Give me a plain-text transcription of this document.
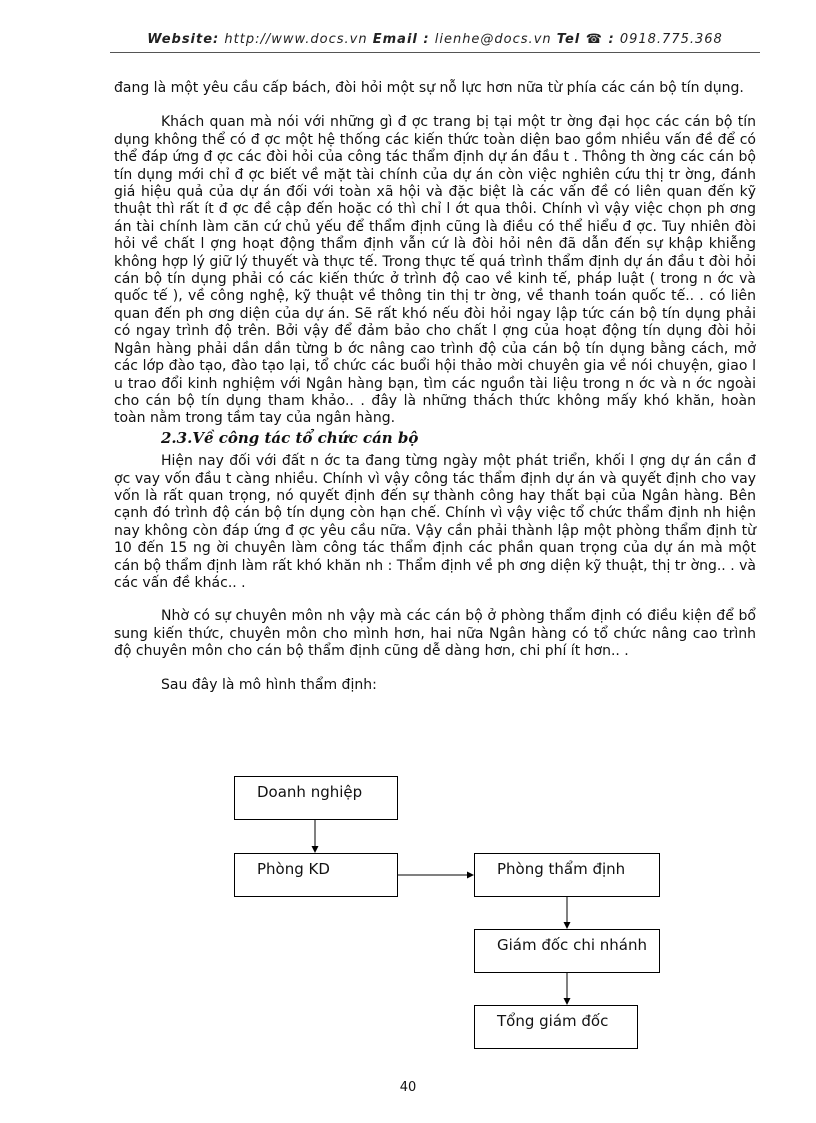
Website: http://www.docs.vn Email : lienhe@docs.vn Tel ☎ : 0918.775.368

đang là một yêu cầu cấp bách, đòi hỏi một sự nỗ lực hơn nữa từ phía các cán bộ tín dụng.

Khách quan mà nói với những gì đ ợc trang bị tại một tr ờng đại học các cán bộ tín dụng không thể có đ ợc một hệ thống các kiến thức toàn diện bao gồm nhiều vấn đề để có thể đáp ứng đ ợc các đòi hỏi của công tác thẩm định dự án đầu t . Thông th ờng các cán bộ tín dụng mới chỉ đ ợc biết về mặt tài chính của dự án còn việc nghiên cứu thị tr ờng, đánh giá hiệu quả của dự án đối với toàn xã hội và đặc biệt là các vấn đề có liên quan đến kỹ thuật thì rất ít đ ợc đề cập đến hoặc có thì chỉ l ớt qua thôi. Chính vì vậy việc chọn ph ơng án tài chính làm căn cứ chủ yếu để thẩm định cũng là điều có thể hiểu đ ợc. Tuy nhiên đòi hỏi về chất l ợng hoạt động thẩm định vẫn cứ là đòi hỏi nên đã dẫn đến sự khập khiễng không hợp lý giữ lý thuyết và thực tế. Trong thực tế quá trình thẩm định dự án đầu t đòi hỏi cán bộ tín dụng phải có các kiến thức ở trình độ cao về kinh tế, pháp luật ( trong n ớc và quốc tế ), về công nghệ, kỹ thuật về thông tin thị tr ờng, về thanh toán quốc tế.. . có liên quan đến ph ơng diện của dự án. Sẽ rất khó nếu đòi hỏi ngay lập tức cán bộ tín dụng phải có ngay trình độ trên. Bởi vậy để đảm bảo cho chất l ợng của hoạt động tín dụng đòi hỏi Ngân hàng phải dần dần từng b ớc nâng cao trình độ của cán bộ tín dụng bằng cách, mở các lớp đào tạo, đào tạo lại, tổ chức các buổi hội thảo mời chuyên gia về nói chuyện, giao l u trao đổi kinh nghiệm với Ngân hàng bạn, tìm các nguồn tài liệu trong n ớc và n ớc ngoài cho cán bộ tín dụng tham khảo.. . đây là những thách thức không mấy khó khăn, hoàn toàn nằm trong tầm tay của ngân hàng.

2.3.Về công tác tổ chức cán bộ

Hiện nay đối với đất n ớc ta đang từng ngày một phát triển, khối l ợng dự án cần đ ợc vay vốn đầu t càng nhiều. Chính vì vậy công tác thẩm định dự án và quyết định cho vay vốn là rất quan trọng, nó quyết định đến sự thành công hay thất bại của Ngân hàng. Bên cạnh đó trình độ cán bộ tín dụng còn hạn chế. Chính vì vậy việc tổ chức thẩm định nh hiện nay không còn đáp ứng đ ợc yêu cầu nữa. Vậy cần phải thành lập một phòng thẩm định từ 10 đến 15 ng ời chuyên làm công tác thẩm định các phần quan trọng của dự án mà một cán bộ thẩm định làm rất khó khăn nh : Thẩm định về ph ơng diện kỹ thuật, thị tr ờng.. . và các vấn đề khác.. .

Nhờ có sự chuyên môn nh vậy mà các cán bộ ở phòng thẩm định có điều kiện để bổ sung kiến thức, chuyên môn cho mình hơn, hai nữa Ngân hàng có tổ chức nâng cao trình độ chuyên môn cho cán bộ thẩm định cũng dễ dàng hơn, chi phí ít hơn.. .

Sau đây là mô hình thẩm định:

Doanh nghiệp
Phòng KD	Phòng thẩm định
Giám đốc chi nhánh
Tổng giám đốc
40
